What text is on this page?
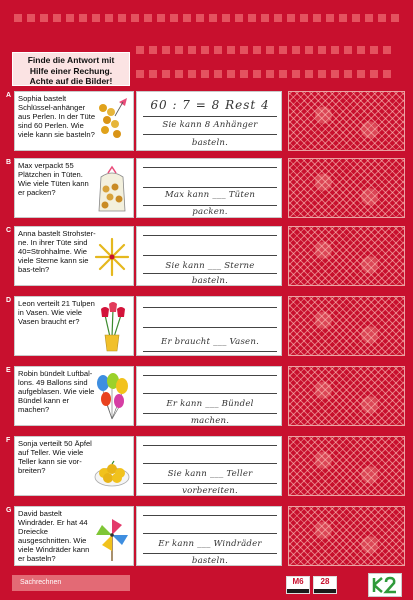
Finde die Antwort mit
Hilfe einer Rechung.
Achte auf die Bilder!
A Sophia bastelt Schlüssel-anhänger aus Perlen. In der Tüte sind 60 Perlen. Wie viele kann sie basteln?
60 : 7 = 8 Rest 4
Sie kann 8 Anhänger
basteln.
B Max verpackt 55 Plätzchen in Tüten. Wie viele Tüten kann er packen?	Max kann ___ Tüten
packen.
C Anna bastelt Strohster-ne. In ihrer Tüte sind 40=Strohhalme. Wie viele Sterne kann sie bas-teln?	Sie kann ___ Sterne
basteln.
D Leon verteilt 21 Tulpen in Vasen. Wie viele Vasen braucht er?
Er braucht ___ Vasen.
E Robin bündelt Luftbal-lons. 49 Ballons sind aufgeblasen. Wie viele Bündel kann er machen?
Er kann ___ Bündel
machen.
F Sonja verteilt 50 Äpfel auf Teller. Wie viele Teller kann sie vor-breiten?	Sie kann ___ Teller
vorbereiten.
G David bastelt Windräder. Er hat 44 Dreiecke ausgeschnitten. Wie viele Windräder kann er basteln?
Er kann ___ Windräder
basteln.
Sachrechnen	M6	28
